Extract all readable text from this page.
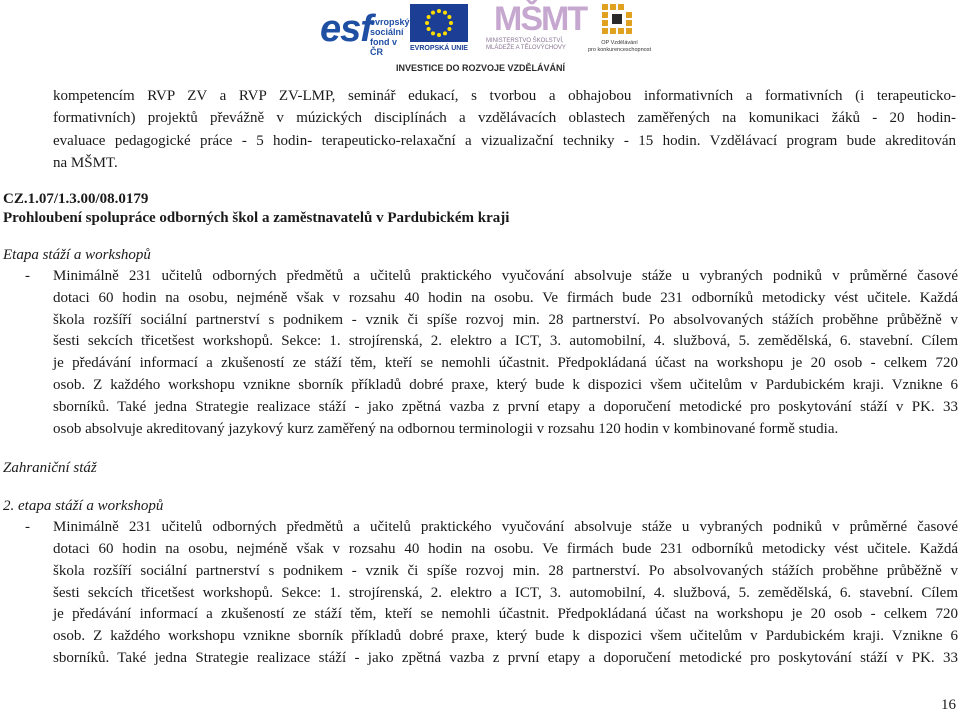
esf
evropský
sociální
fond v ČR	EVROPSKÁ UNIE
MŠMT
MINISTERSTVO ŠKOLSTVÍ,
MLÁDEŽE A TĚLOVÝCHOVY
OP Vzdělávání
pro konkurenceschopnost
INVESTICE DO ROZVOJE VZDĚLÁVÁNÍ
kompetencím RVP ZV a RVP ZV-LMP, seminář edukací, s tvorbou a obhajobou informativních a formativních (i terapeuticko-
formativních) projektů převážně v múzických disciplínách a vzdělávacích oblastech zaměřených na komunikaci žáků - 20 hodin-
evaluace pedagogické práce - 5 hodin- terapeuticko-relaxační a vizualizační techniky - 15 hodin. Vzdělávací program bude akreditován
na MŠMT.
CZ.1.07/1.3.00/08.0179
Prohloubení spolupráce odborných škol a zaměstnavatelů v Pardubickém kraji
Etapa stáží a workshopů
- Minimálně 231 učitelů odborných předmětů a učitelů praktického vyučování absolvuje stáže u vybraných podniků v průměrné časové
dotaci 60 hodin na osobu, nejméně však v rozsahu 40 hodin na osobu. Ve firmách bude 231 odborníků metodicky vést učitele. Každá
škola rozšíří sociální partnerství s podnikem - vznik či spíše rozvoj min. 28 partnerství. Po absolvovaných stážích proběhne průběžně v
šesti sekcích třicetšest workshopů. Sekce: 1. strojírenská, 2. elektro a ICT, 3. automobilní, 4. službová, 5. zemědělská, 6. stavební. Cílem
je předávání informací a zkušeností ze stáží těm, kteří se nemohli účastnit. Předpokládaná účast na workshopu je 20 osob - celkem 720
osob. Z každého workshopu vznikne sborník příkladů dobré praxe, který bude k dispozici všem učitelům v Pardubickém kraji. Vznikne 6
sborníků. Také jedna Strategie realizace stáží - jako zpětná vazba z první etapy a doporučení metodické pro poskytování stáží v PK. 33
osob absolvuje akreditovaný jazykový kurz zaměřený na odbornou terminologii v rozsahu 120 hodin v kombinované formě studia.
Zahraniční stáž
2. etapa stáží a workshopů
- Minimálně 231 učitelů odborných předmětů a učitelů praktického vyučování absolvuje stáže u vybraných podniků v průměrné časové
dotaci 60 hodin na osobu, nejméně však v rozsahu 40 hodin na osobu. Ve firmách bude 231 odborníků metodicky vést učitele. Každá
škola rozšíří sociální partnerství s podnikem - vznik či spíše rozvoj min. 28 partnerství. Po absolvovaných stážích proběhne průběžně v
šesti sekcích třicetšest workshopů. Sekce: 1. strojírenská, 2. elektro a ICT, 3. automobilní, 4. službová, 5. zemědělská, 6. stavební. Cílem
je předávání informací a zkušeností ze stáží těm, kteří se nemohli účastnit. Předpokládaná účast na workshopu je 20 osob - celkem 720
osob. Z každého workshopu vznikne sborník příkladů dobré praxe, který bude k dispozici všem učitelům v Pardubickém kraji. Vznikne 6
sborníků. Také jedna Strategie realizace stáží - jako zpětná vazba z první etapy a doporučení metodické pro poskytování stáží v PK. 33
16
